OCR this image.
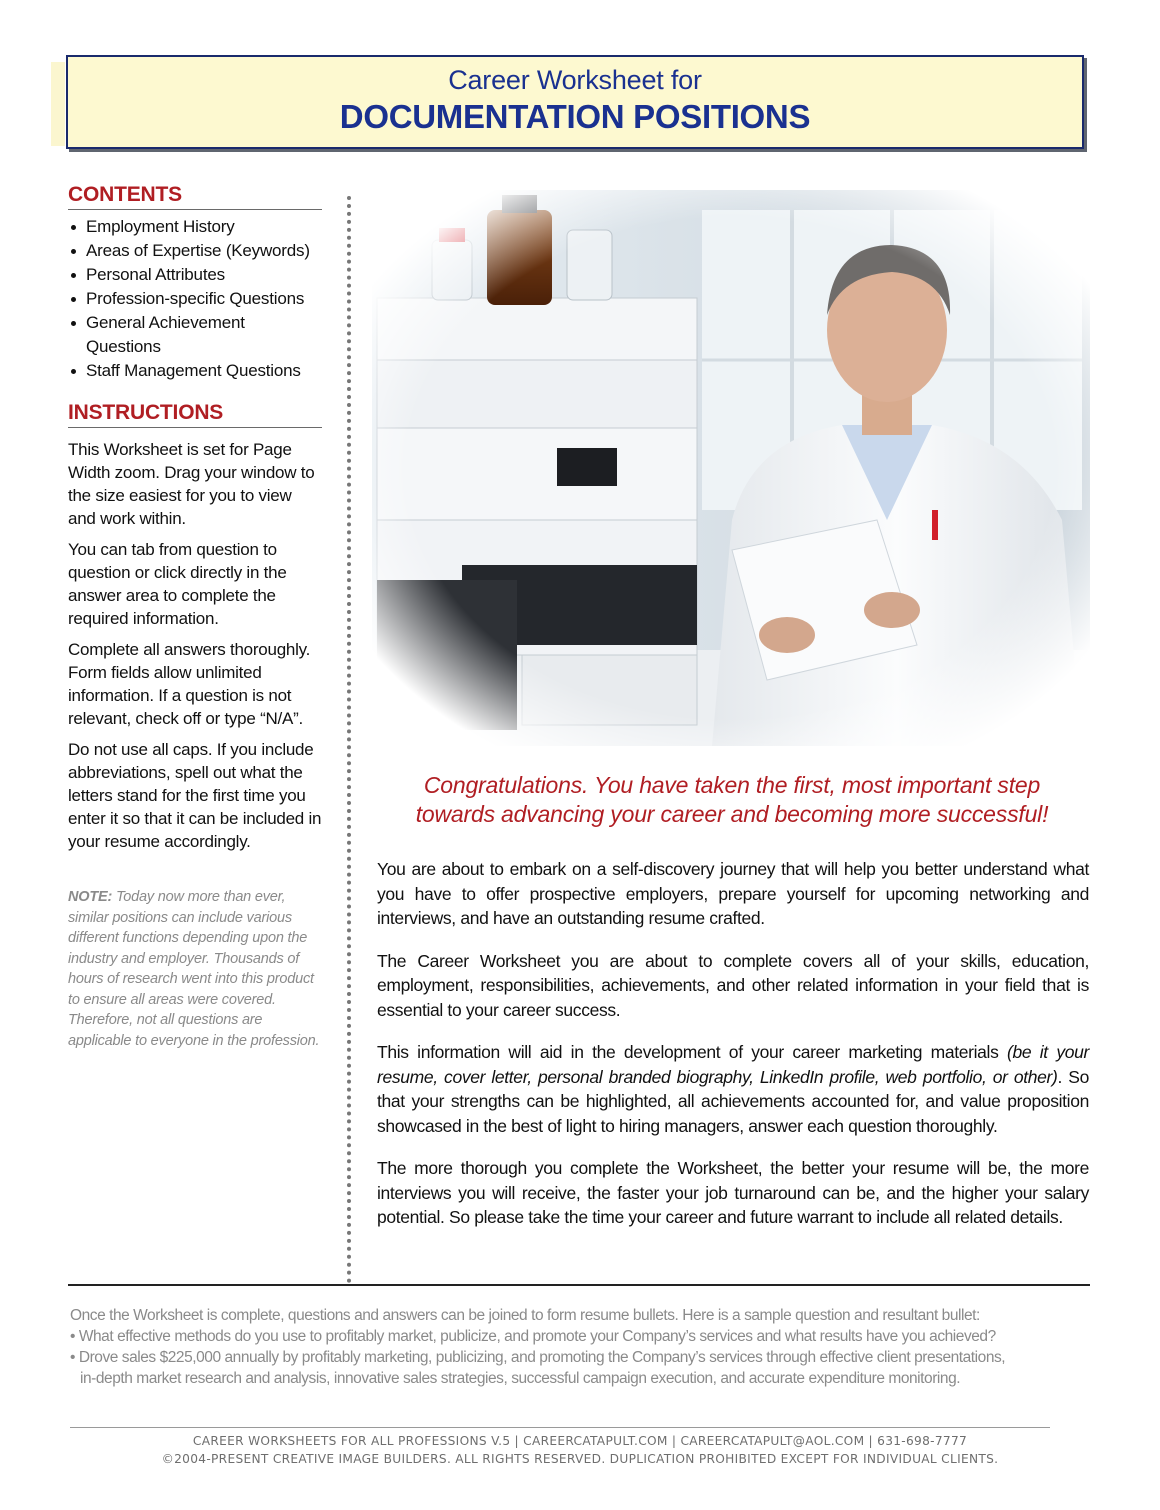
Career Worksheet for
DOCUMENTATION POSITIONS
CONTENTS
Employment History
Areas of Expertise (Keywords)
Personal Attributes
Profession-specific Questions
General Achievement Questions
Staff Management Questions
INSTRUCTIONS

This Worksheet is set for Page Width zoom. Drag your window to the size easiest for you to view and work within.

You can tab from question to question or click directly in the answer area to complete the required information.

Complete all answers thoroughly. Form fields allow unlimited information. If a question is not relevant, check off or type “N/A”.

Do not use all caps. If you include abbreviations, spell out what the letters stand for the first time you enter it so that it can be included in your resume accordingly.

NOTE: Today now more than ever, similar positions can include various different functions depending upon the industry and employer. Thousands of hours of research went into this product to ensure all areas were covered. Therefore, not all questions are applicable to everyone in the profession.
Congratulations. You have taken the first, most important step
towards advancing your career and becoming more successful!

You are about to embark on a self-discovery journey that will help you better understand what you have to offer prospective employers, prepare yourself for upcoming networking and interviews, and have an outstanding resume crafted.

The Career Worksheet you are about to complete covers all of your skills, education, employment, responsibilities, achievements, and other related information in your field that is essential to your career success.

This information will aid in the development of your career marketing materials (be it your resume, cover letter, personal branded biography, LinkedIn profile, web portfolio, or other). So that your strengths can be highlighted, all achievements accounted for, and value proposition showcased in the best of light to hiring managers, answer each question thoroughly.

The more thorough you complete the Worksheet, the better your resume will be, the more interviews you will receive, the faster your job turnaround can be, and the higher your salary potential. So please take the time your career and future warrant to include all related details.

Once the Worksheet is complete, questions and answers can be joined to form resume bullets. Here is a sample question and resultant bullet:
• What effective methods do you use to profitably market, publicize, and promote your Company’s services and what results have you achieved?
• Drove sales $225,000 annually by profitably marketing, publicizing, and promoting the Company’s services through effective client presentations,
in-depth market research and analysis, innovative sales strategies, successful campaign execution, and accurate expenditure monitoring.
CAREER WORKSHEETS FOR ALL PROFESSIONS V.5 | CAREERCATAPULT.COM | CAREERCATAPULT@AOL.COM | 631-698-7777
©2004-PRESENT CREATIVE IMAGE BUILDERS. ALL RIGHTS RESERVED. DUPLICATION PROHIBITED EXCEPT FOR INDIVIDUAL CLIENTS.
